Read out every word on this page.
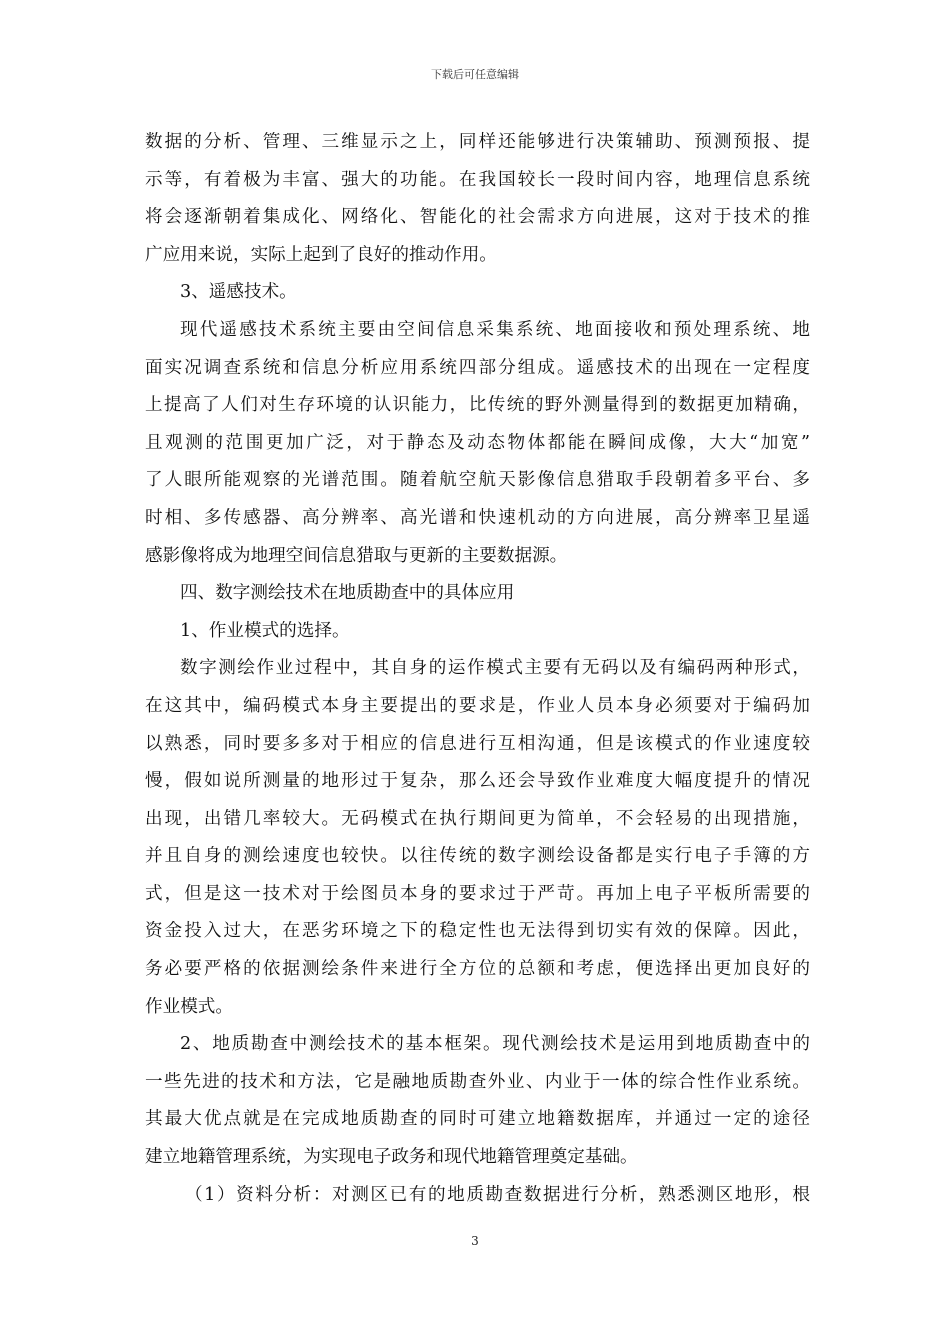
下载后可任意编辑
数据的分析、管理、三维显示之上，同样还能够进行决策辅助、预测预报、提
示等，有着极为丰富、强大的功能。在我国较长一段时间内容，地理信息系统
将会逐渐朝着集成化、网络化、智能化的社会需求方向进展，这对于技术的推
广应用来说，实际上起到了良好的推动作用。
3、遥感技术。
现代遥感技术系统主要由空间信息采集系统、地面接收和预处理系统、地
面实况调查系统和信息分析应用系统四部分组成。遥感技术的出现在一定程度
上提高了人们对生存环境的认识能力，比传统的野外测量得到的数据更加精确，
且观测的范围更加广泛，对于静态及动态物体都能在瞬间成像，大大“加宽”
了人眼所能观察的光谱范围。随着航空航天影像信息猎取手段朝着多平台、多
时相、多传感器、高分辨率、高光谱和快速机动的方向进展，高分辨率卫星遥
感影像将成为地理空间信息猎取与更新的主要数据源。
四、数字测绘技术在地质勘查中的具体应用
1、作业模式的选择。
数字测绘作业过程中，其自身的运作模式主要有无码以及有编码两种形式，
在这其中，编码模式本身主要提出的要求是，作业人员本身必须要对于编码加
以熟悉，同时要多多对于相应的信息进行互相沟通，但是该模式的作业速度较
慢，假如说所测量的地形过于复杂，那么还会导致作业难度大幅度提升的情况
出现，出错几率较大。无码模式在执行期间更为简单，不会轻易的出现措施，
并且自身的测绘速度也较快。以往传统的数字测绘设备都是实行电子手簿的方
式，但是这一技术对于绘图员本身的要求过于严苛。再加上电子平板所需要的
资金投入过大，在恶劣环境之下的稳定性也无法得到切实有效的保障。因此，
务必要严格的依据测绘条件来进行全方位的总额和考虑，便选择出更加良好的
作业模式。
2、地质勘查中测绘技术的基本框架。现代测绘技术是运用到地质勘查中的
一些先进的技术和方法，它是融地质勘查外业、内业于一体的综合性作业系统。
其最大优点就是在完成地质勘查的同时可建立地籍数据库，并通过一定的途径
建立地籍管理系统，为实现电子政务和现代地籍管理奠定基础。
（1）资料分析：对测区已有的地质勘查数据进行分析，熟悉测区地形，根
3
